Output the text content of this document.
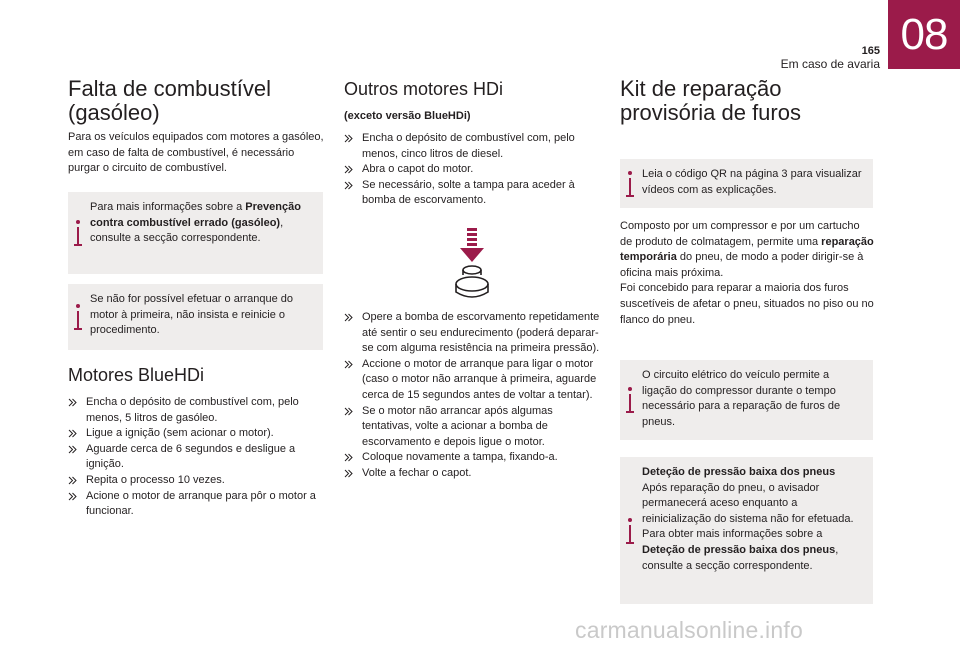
165
Em caso de avaria
08
Falta de combustível (gasóleo)

Para os veículos equipados com motores a gasóleo, em caso de falta de combustível, é necessário purgar o circuito de combustível.

Para mais informações sobre a Prevenção contra combustível errado (gasóleo), consulte a secção correspondente.
Se não for possível efetuar o arranque do motor à primeira, não insista e reinicie o procedimento.
Motores BlueHDi
Encha o depósito de combustível com, pelo menos, 5 litros de gasóleo.
Ligue a ignição (sem acionar o motor).
Aguarde cerca de 6 segundos e desligue a ignição.
Repita o processo 10 vezes.
Acione o motor de arranque para pôr o motor a funcionar.
Outros motores HDi

(exceto versão BlueHDi)

Encha o depósito de combustível com, pelo menos, cinco litros de diesel.
Abra o capot do motor.
Se necessário, solte a tampa para aceder à bomba de escorvamento.
Opere a bomba de escorvamento repetidamente até sentir o seu endurecimento (poderá deparar-se com alguma resistência na primeira pressão).
Accione o motor de arranque para ligar o motor (caso o motor não arranque à primeira, aguarde cerca de 15 segundos antes de voltar a tentar).
Se o motor não arrancar após algumas tentativas, volte a acionar a bomba de escorvamento e depois ligue o motor.
Coloque novamente a tampa, fixando-a.
Volte a fechar o capot.
Kit de reparação provisória de furos
Leia o código QR na página 3 para visualizar vídeos com as explicações.

Composto por um compressor e por um cartucho de produto de colmatagem, permite uma reparação temporária do pneu, de modo a poder dirigir-se à oficina mais próxima.
Foi concebido para reparar a maioria dos furos suscetíveis de afetar o pneu, situados no piso ou no flanco do pneu.

O circuito elétrico do veículo permite a ligação do compressor durante o tempo necessário para a reparação de furos de pneus.
Deteção de pressão baixa dos pneus
Após reparação do pneu, o avisador permanecerá aceso enquanto a reinicialização do sistema não for efetuada.
Para obter mais informações sobre a Deteção de pressão baixa dos pneus, consulte a secção correspondente.
carmanualsonline.info
